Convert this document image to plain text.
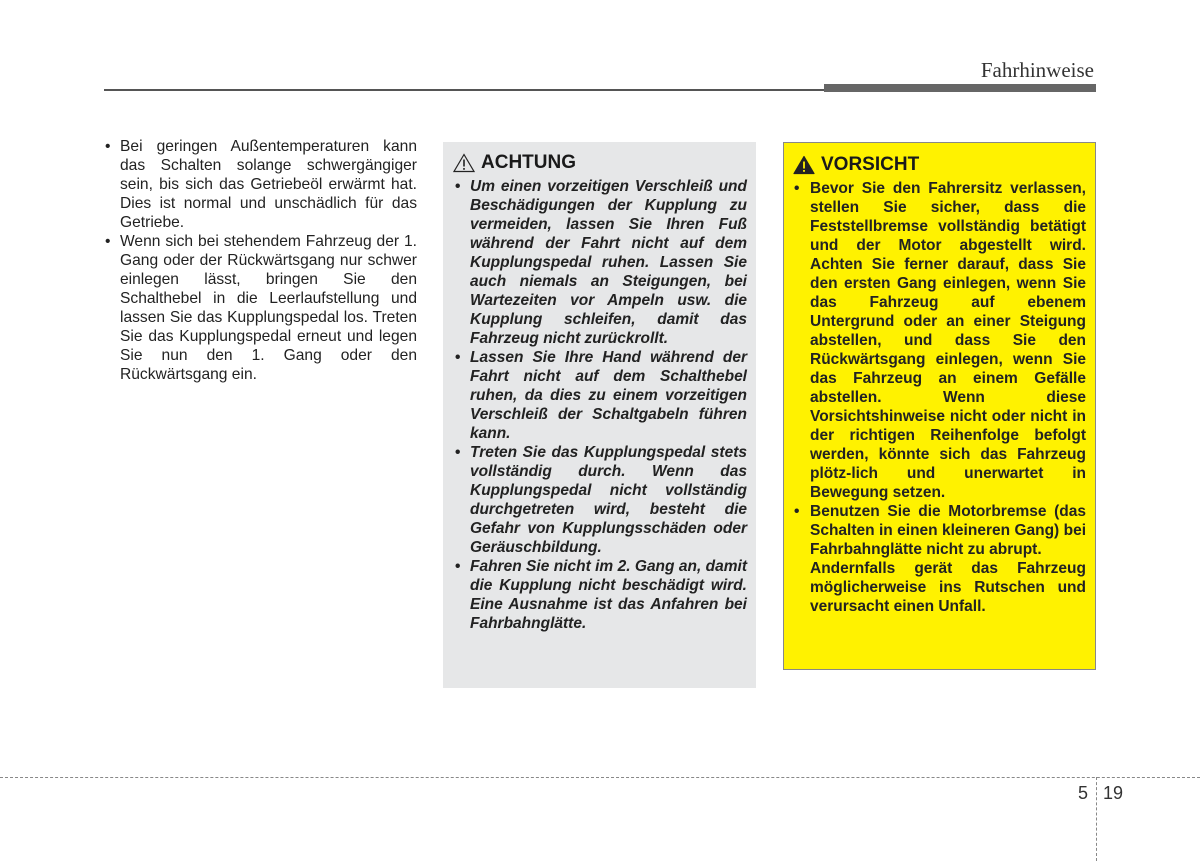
Fahrhinweise
• Bei geringen Außentemperaturen kann das Schalten solange schwergängiger sein, bis sich das Getriebeöl erwärmt hat. Dies ist normal und unschädlich für das Getriebe.
• Wenn sich bei stehendem Fahrzeug der 1. Gang oder der Rückwärtsgang nur schwer einlegen lässt, bringen Sie den Schalthebel in die Leerlaufstellung und lassen Sie das Kupplungspedal los. Treten Sie das Kupplungspedal erneut und legen Sie nun den 1. Gang oder den Rückwärtsgang ein.
ACHTUNG
• Um einen vorzeitigen Verschleiß und Beschädigungen der Kupplung zu vermeiden, lassen Sie Ihren Fuß während der Fahrt nicht auf dem Kupplungspedal ruhen. Lassen Sie auch niemals an Steigungen, bei Wartezeiten vor Ampeln usw. die Kupplung schleifen, damit das Fahrzeug nicht zurückrollt.
• Lassen Sie Ihre Hand während der Fahrt nicht auf dem Schalthebel ruhen, da dies zu einem vorzeitigen Verschleiß der Schaltgabeln führen kann.
• Treten Sie das Kupplungspedal stets vollständig durch. Wenn das Kupplungspedal nicht vollständig durchgetreten wird, besteht die Gefahr von Kupplungsschäden oder Geräuschbildung.
• Fahren Sie nicht im 2. Gang an, damit die Kupplung nicht beschädigt wird. Eine Ausnahme ist das Anfahren bei Fahrbahnglätte.
VORSICHT
• Bevor Sie den Fahrersitz verlassen, stellen Sie sicher, dass die Feststellbremse vollständig betätigt und der Motor abgestellt wird. Achten Sie ferner darauf, dass Sie den ersten Gang einlegen, wenn Sie das Fahrzeug auf ebenem Untergrund oder an einer Steigung abstellen, und dass Sie den Rückwärtsgang einlegen, wenn Sie das Fahrzeug an einem Gefälle abstellen. Wenn diese Vorsichtshinweise nicht oder nicht in der richtigen Reihenfolge befolgt werden, könnte sich das Fahrzeug plötz-lich und unerwartet in Bewegung setzen.
• Benutzen Sie die Motorbremse (das Schalten in einen kleineren Gang) bei Fahrbahnglätte nicht zu abrupt.
Andernfalls gerät das Fahrzeug möglicherweise ins Rutschen und verursacht einen Unfall.
5 19
